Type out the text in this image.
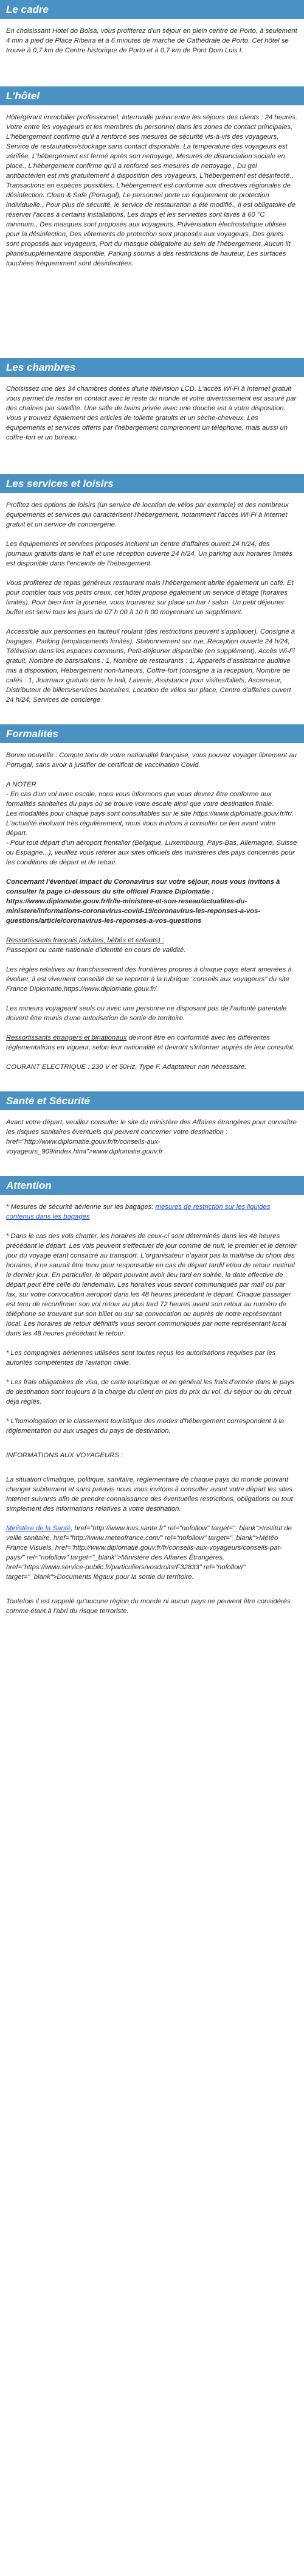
Le cadre

En choisissant Hotel do Bolsa, vous profiterez d'un séjour en plein centre de Porto, à seulement 4 min à pied de Place Ribeira et à 6 minutes de marche de Cathédrale de Porto. Cet hôtel se trouve à 0,7 km de Centre historique de Porto et à 0,7 km de Pont Dom Luis I.

L'hôtel

Hôte/gérant immobilier professionnel, Internvalle prévu entre les séjours des clients : 24 heures. Votre entre les voyageurs et les membres du personnel dans les zones de contact principales, L'hébergement confirme qu'il a renforcé ses mesures de sécurité vis-à-vis des voyageurs, Service de restauration/stockage sans contact disponible. La température des voyageurs est vérifiée, L'hébergement est fermé après son nettoyage, Mesures de distanciation sociale en place., L'hébergement confirme qu'il a renforcé ses mesures de nettoyage., Du gel antibactérien est mis gratuitement à disposition des voyageurs, L'hébergement est désinfecté., Transactions en espèces possibles, L'hébergement est conforme aux directives régionales de désinfection. Clean & Safe (Portugal), Le personnel porte un équipement de protection individuelle., Pour plus de sécurité, le service de restauration a été modifié., Il est obligatoire de réserver l'accès à certains installations, Les draps et les serviettes sont lavés à 60 °C minimum., Des masques sont proposés aux voyageurs, Pulvérisation électrostatique utilisée pour la désinfection, Des vêtements de protection sont proposés aux voyageurs, Des gants sont proposés aux voyageurs, Port du masque obligatoire au sein de l'hébergement. Aucun lit pliant/supplémentaire disponible, Parking soumis à des restrictions de hauteur, Les surfaces touchées fréquemment sont désinfectées.

Les chambres

Choisissez une des 34 chambres dotées d'une télévision LCD. L'accès Wi-Fi à Internet gratuit vous permet de rester en contact avec le reste du monde et votre divertissement est assuré par des chaînes par satellite. Une salle de bains privée avec une douche est à votre disposition. Vous y trouvez également des articles de toilette gratuits et un sèche-cheveux. Les équipements et services offerts par l'hébergement comprennent un téléphone, mais aussi un coffre-fort et un bureau.

Les services et loisirs

Profitez des options de loisirs (un service de location de vélos par exemple) et des nombreux équipements et services qui caractérisent l'hébergement, notamment l'accès Wi-Fi à Internet gratuit et un service de conciergerie.

Les équipements et services proposés incluent un centre d'affaires ouvert 24 h/24, des journaux gratuits dans le hall et une réception ouverte 24 h/24. Un parking aux horaires limités est disponible dans l'enceinte de l'hébergement.

Vous profiterez de repas généreux restaurant mais l'hébergement abrite également un café. Et pour combler tous vos petits creux, cet hôtel propose également un service d'étage (horaires limités). Pour bien finir la journée, vous trouverez sur place un bar / salon. Un petit déjeuner buffet est servi tous les jours de 07 h 00 à 10 h 00 moyennant un supplément.

Accessible aux personnes en fauteuil roulant (des restrictions peuvent s'appliquer), Consigne à bagages, Parking (emplacements limités), Stationnement sur rue, Réception ouverte 24 h/24, Télévision dans les espaces communs, Petit-déjeuner disponible (en supplément), Accès Wi-Fi gratuit, Nombre de bars/salons : 1, Nombre de restaurants : 1, Appareils d'assistance auditive mis à disposition, Hébergement non-fumeurs, Coffre-fort (consigne à la réception, Nombre de cafés : 1, Journaux gratuits dans le hall, Laverie, Assistance pour visites/billets, Ascenseur, Distributeur de billets/services bancaires, Location de vélos sur place, Centre d'affaires ouvert 24 h/24, Services de concierge

Formalités

Bonne nouvelle : Compte tenu de votre nationalité française, vous pouvez voyager librement au Portugal, sans avoir à justifier de certificat de vaccination Covid.

A NOTER
- En cas d'un vol avec escale, nous vous informons que vous devrez être conforme aux formalités sanitaires du pays où se trouve votre escale ainsi que votre destination finale.
Les modalités pour chaque pays sont consultables sur le site https://www.diplomatie.gouv.fr/fr/. L'actualité évoluant très régulièrement, nous vous invitons à consulter ce lien avant votre départ.
- Pour tout départ d'un aéroport frontalier (Belgique, Luxembourg, Pays-Bas, Allemagne, Suisse ou Espagne...), veuillez vous référer aux sites officiels des ministères des pays concernés pour les conditions de départ et de retour.

Concernant l'éventuel impact du Coronavirus sur votre séjour, nous vous invitons à consulter la page ci-dessous du site officiel France Diplomatie : https://www.diplomatie.gouv.fr/fr/le-ministere-et-son-reseau/actualites-du-ministere/informations-coronavirus-covid-19/coronavirus-les-reponses-a-vos-questions/article/coronavirus-les-reponses-a-vos-questions

Ressortissants français (adultes, bébés et enfants) :
Passeport ou carte nationale d'identité en cours de validité.

Les règles relatives au franchissement des frontières propres à chaque pays étant amenées à évoluer, il est vivement conseillé de se reporter à la rubrique "conseils aux voyageurs" du site France Diplomatie,https://www.diplomatie.gouv.fr/.

Les mineurs voyageant seuls ou avec une personne ne disposant pas de l'autorité parentale doivent être munis d'une autorisation de sortie de territoire.

Ressortissants étrangers et binationaux devront être en conformité avec les différentes réglementations en vigueur, selon leur nationalité et devront s'informer auprès de leur consulat.

COURANT ELECTRIQUE : 230 V et 50Hz, Type F. Adaptateur non nécessaire.

Santé et Sécurité

Avant votre départ, veuillez consulter le site du ministère des Affaires étrangères pour connaître les risques sanitaires éventuels qui peuvent concerner votre destination : href="http://www.diplomatie.gouv.fr/fr/conseils-aux-voyageurs_909/index.html">www.diplomatie.gouv.fr

Attention

* Mesures de sécurité aérienne sur les bagages: mesures de restriction sur les liquides contenus dans les bagages

* Dans le cas des vols charter, les horaires de ceux-ci sont déterminés dans les 48 heures précédant le départ. Les vols peuvent s'effectuer de jour comme de nuit, le premier et le dernier jour du voyage étant consacré au transport. L'organisateur n'ayant pas la maîtrise du choix des horaires, il ne saurait être tenu pour responsable en cas de départ tardif et/ou de retour matinal le dernier jour. En particulier, le départ pouvant avoir lieu tard en soirée, la date effective de départ peut être celle du lendemain. Les horaires vous seront communiqués par mail ou par fax, sur votre convocation aéroport dans les 48 heures précédant le départ. Chaque passager est tenu de reconfirmer son vol retour au plus tard 72 heures avant son retour au numéro de téléphone se trouvant sur son billet ou sur sa convocation ou auprès de notre représentant local. Les horaires de retour définitifs vous seront communiqués par notre représentant local dans les 48 heures précédant le retour.

* Les compagnies aériennes utilisées sont toutes reçus les autorisations requises par les autorités compétentes de l'aviation civile.

* Les frais obligatoires de visa, de carte touristique et en général les frais d'entrée dans le pays de destination sont toujours à la charge du client en plus du prix du vol, du séjour ou du circuit déjà réglés.

* L'homologation et le classement touristique des modes d'hébergement correspondent à la réglementation ou aux usages du pays de destination.

INFORMATIONS AUX VOYAGEURS :

La situation climatique, politique, sanitaire, réglementaire de chaque pays du monde pouvant changer subitement et sans préavis nous vous invitons à consulter avant votre départ les sites Internet suivants afin de prendre connaissance des éventuelles restrictions, obligations ou tout simplement des informations relatives à votre destination.

Ministère de la Santé, href="http://www.invs.sante.fr" rel="nofollow" target="_blank">Institut de veille sanitaire, href="http://www.meteofrance.com/" rel="nofollow" target="_blank">Météo France Visuels, href="http://www.diplomatie.gouv.fr/fr/conseils-aux-voyageurs/conseils-par-pays/" rel="nofollow" target="_blank">Ministère des Affaires Étrangères, href="https://www.service-public.fr/particuliers/vosdroits/F32833" rel="nofollow" target="_blank">Documents légaux pour la sortie du territoire.

Toutefois il est rappelé qu'aucune région du monde ni aucun pays ne peuvent être considérés comme étant à l'abri du risque terroriste.
